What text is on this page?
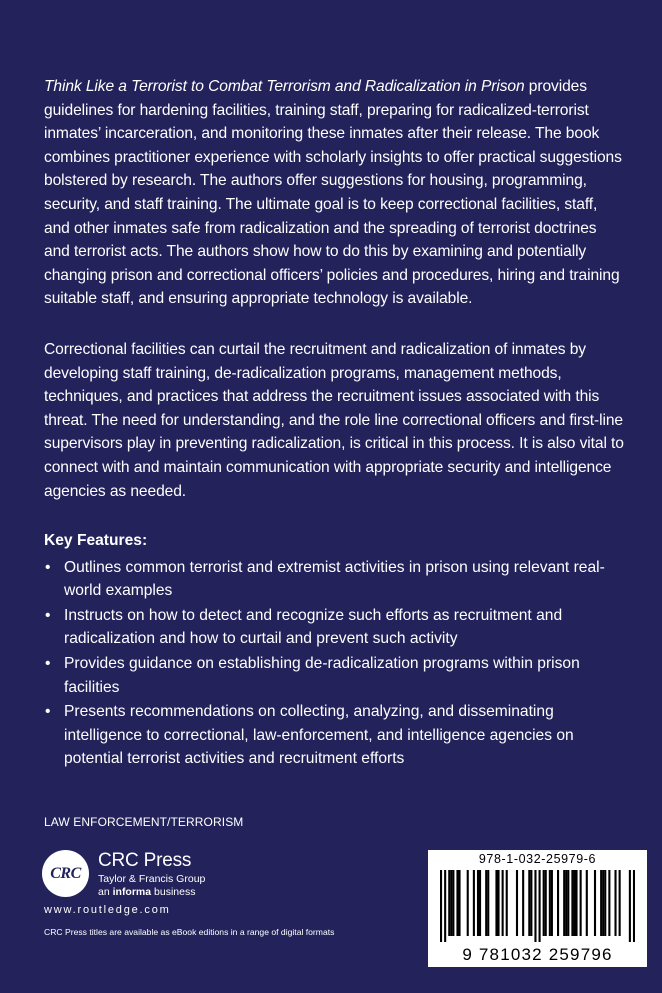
Think Like a Terrorist to Combat Terrorism and Radicalization in Prison provides guidelines for hardening facilities, training staff, preparing for radicalized-terrorist inmates’ incarceration, and monitoring these inmates after their release. The book combines practitioner experience with scholarly insights to offer practical suggestions bolstered by research. The authors offer suggestions for housing, programming, security, and staff training. The ultimate goal is to keep correctional facilities, staff, and other inmates safe from radicalization and the spreading of terrorist doctrines and terrorist acts. The authors show how to do this by examining and potentially changing prison and correctional officers’ policies and procedures, hiring and training suitable staff, and ensuring appropriate technology is available.

Correctional facilities can curtail the recruitment and radicalization of inmates by developing staff training, de-radicalization programs, management methods, techniques, and practices that address the recruitment issues associated with this threat. The need for understanding, and the role line correctional officers and first-line supervisors play in preventing radicalization, is critical in this process. It is also vital to connect with and maintain communication with appropriate security and intelligence agencies as needed.

Key Features:
• Outlines common terrorist and extremist activities in prison using relevant real-world examples
• Instructs on how to detect and recognize such efforts as recruitment and radicalization and how to curtail and prevent such activity
• Provides guidance on establishing de-radicalization programs within prison facilities
• Presents recommendations on collecting, analyzing, and disseminating intelligence to correctional, law-enforcement, and intelligence agencies on potential terrorist activities and recruitment efforts
LAW ENFORCEMENT/TERRORISM
CRC
CRC Press
Taylor & Francis Group
an informa business
www.routledge.com
CRC Press titles are available as eBook editions in a range of digital formats
978-1-032-25979-6
9 781032 259796
